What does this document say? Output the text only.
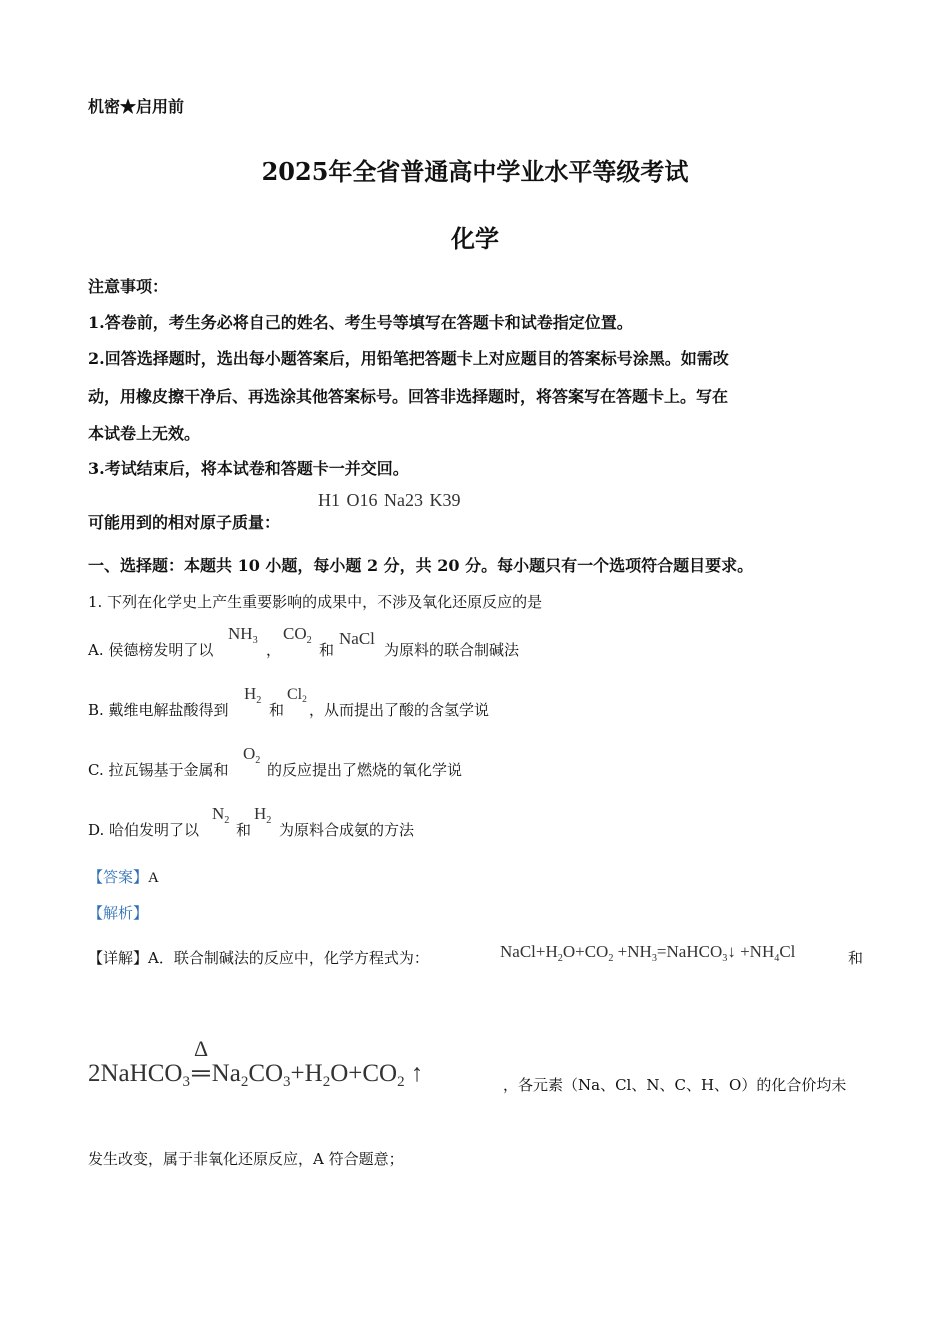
机密★启用前
2025年全省普通高中学业水平等级考试
化学
注意事项：
1.答卷前，考生务必将自己的姓名、考生号等填写在答题卡和试卷指定位置。
2.回答选择题时，选出每小题答案后，用铅笔把答题卡上对应题目的答案标号涂黑。如需改
动，用橡皮擦干净后、再选涂其他答案标号。回答非选择题时，将答案写在答题卡上。写在
本试卷上无效。
3.考试结束后，将本试卷和答题卡一并交回。
可能用到的相对原子质量：
H1 O16 Na23 K39
一、选择题：本题共 10 小题，每小题 2 分，共 20 分。每小题只有一个选项符合题目要求。
1. 下列在化学史上产生重要影响的成果中，不涉及氧化还原反应的是
A. 侯德榜发明了以
$NH_3$
，
$CO_2$
和
NaCl
为原料的联合制碱法
B. 戴维电解盐酸得到
$H_2$
和
$Cl_2$
，从而提出了酸的含氢学说
C. 拉瓦锡基于金属和
$O_2$
的反应提出了燃烧的氧化学说
D. 哈伯发明了以
$N_2$
和
$H_2$
为原料合成氨的方法
【答案】A
【解析】
【详解】A．联合制碱法的反应中，化学方程式为：	$NaCl+H_2O+CO_2$ $+NH_3=NaHCO_3↓ +NH_4Cl$	和
2NaHCO$_3$
Δ
$═Na_2CO_3+H_2O+CO_2$ ↑	，各元素（Na、Cl、N、C、H、O）的化合价均未
发生改变，属于非氧化还原反应，A 符合题意；
